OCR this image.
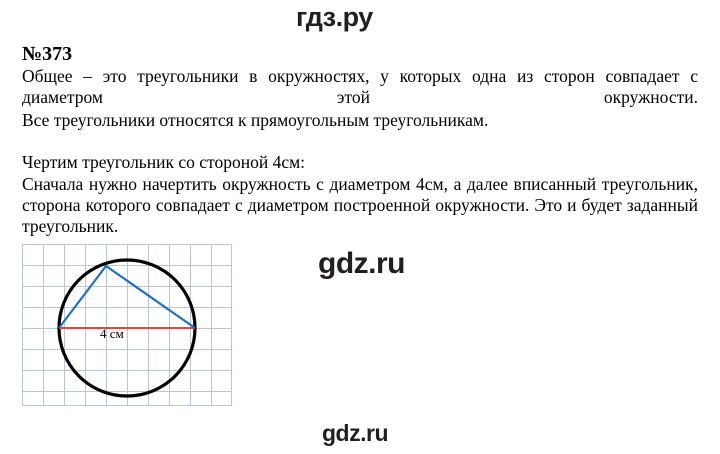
гдз.ру
№373
Общее – это треугольники в окружностях, у которых одна из сторон совпадает с диаметром этой окружности.
Все треугольники относятся к прямоугольным треугольникам.
Чертим треугольник со стороной 4см:
Сначала нужно начертить окружность с диаметром 4см, а далее вписанный треугольник, сторона которого совпадает с диаметром построенной окружности. Это и будет заданный треугольник.
gdz.ru
4 см
gdz.ru
